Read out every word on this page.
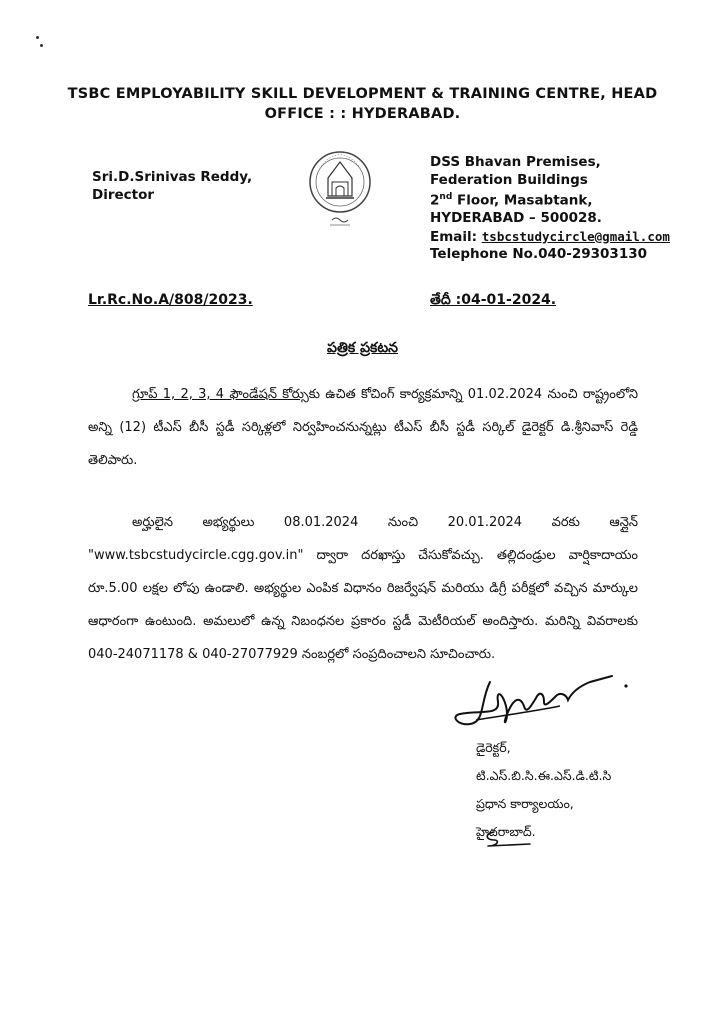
TSBC EMPLOYABILITY SKILL DEVELOPMENT & TRAINING CENTRE, HEAD
OFFICE : : HYDERABAD.
Sri.D.Srinivas Reddy,
Director
DSS Bhavan Premises,
Federation Buildings
2nd Floor, Masabtank,
HYDERABAD – 500028.
Email: tsbcstudycircle@gmail.com
Telephone No.040-29303130
Lr.Rc.No.A/808/2023.	తేదీ :04-01-2024.
పత్రిక ప్రకటన
గ్రూప్ 1, 2, 3, 4 ఫౌండేషన్ కోర్సుకు ఉచిత కోచింగ్ కార్యక్రమాన్ని 01.02.2024 నుంచి రాష్ట్రంలోని అన్ని (12) టీఎస్ బీసీ స్టడీ సర్కిళ్లలో నిర్వహించనున్నట్లు టీఎస్ బీసీ స్టడీ సర్కిల్ డైరెక్టర్ డి.శ్రీనివాస్ రెడ్డి తెలిపారు.
అర్హులైన అభ్యర్థులు 08.01.2024 నుంచి 20.01.2024 వరకు ఆన్లైన్ "www.tsbcstudycircle.cgg.gov.in" ద్వారా దరఖాస్తు చేసుకోవచ్చు. తల్లిదండ్రుల వార్షికాదాయం రూ.5.00 లక్షల లోపు ఉండాలి. అభ్యర్థుల ఎంపిక విధానం రిజర్వేషన్ మరియు డిగ్రీ పరీక్షలో వచ్చిన మార్కుల ఆధారంగా ఉంటుంది. అమలులో ఉన్న నిబంధనల ప్రకారం స్టడీ మెటీరియల్ అందిస్తారు. మరిన్ని వివరాలకు 040-24071178 & 040-27077929 నంబర్లలో సంప్రదించాలని సూచించారు.
డైరెక్టర్,
టి.ఎస్.బి.సి.ఈ.ఎస్.డి.టి.సి
ప్రధాన కార్యాలయం,
హైదరాబాద్.
